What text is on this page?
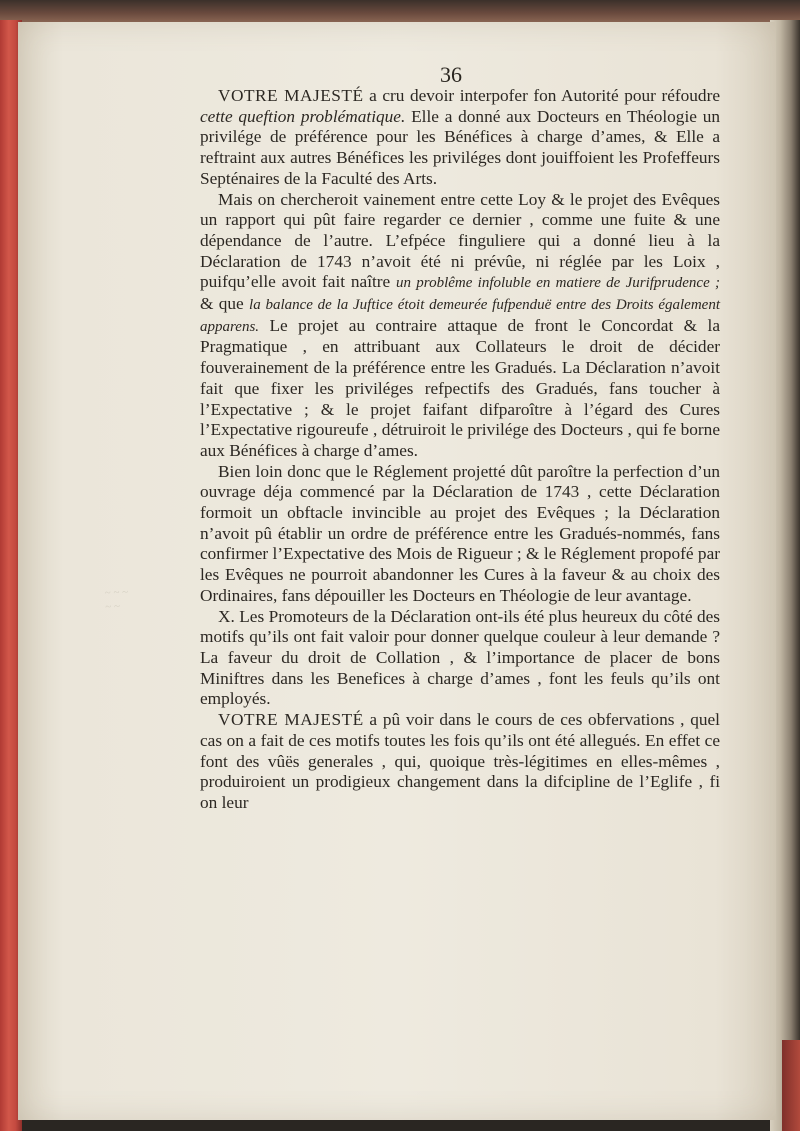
36
~ ~ ~
~ ~

VOTRE MAJESTÉ a cru devoir interpofer fon Autorité pour réfoudre cette queftion problématique. Elle a donné aux Docteurs en Théologie un privilége de préférence pour les Bénéfices à charge d’ames, & Elle a reftraint aux autres Bénéfices les priviléges dont jouiffoient les Profeffeurs Septénaires de la Faculté des Arts.

Mais on chercheroit vainement entre cette Loy & le projet des Evêques un rapport qui pût faire regarder ce dernier , comme une fuite & une dépendance de l’autre. L’efpéce finguliere qui a donné lieu à la Déclaration de 1743 n’avoit été ni prévûe, ni réglée par les Loix , puifqu’elle avoit fait naître un problême infoluble en matiere de Jurifprudence ; & que la balance de la Juftice étoit demeurée fufpenduë entre des Droits également apparens. Le projet au contraire attaque de front le Concordat & la Pragmatique , en attribuant aux Collateurs le droit de décider fouverainement de la préférence entre les Gradués. La Déclaration n’avoit fait que fixer les priviléges refpectifs des Gradués, fans toucher à l’Expectative ; & le projet faifant difparoître à l’égard des Cures l’Expectative rigoureufe , détruiroit le privilége des Docteurs , qui fe borne aux Bénéfices à charge d’ames.

Bien loin donc que le Réglement projetté dût paroître la perfection d’un ouvrage déja commencé par la Déclaration de 1743 , cette Déclaration formoit un obftacle invincible au projet des Evêques ; la Déclaration n’avoit pû établir un ordre de préférence entre les Gradués-nommés, fans confirmer l’Expectative des Mois de Rigueur ; & le Réglement propofé par les Evêques ne pourroit abandonner les Cures à la faveur & au choix des Ordinaires, fans dépouiller les Docteurs en Théologie de leur avantage.

X. Les Promoteurs de la Déclaration ont-ils été plus heureux du côté des motifs qu’ils ont fait valoir pour donner quelque couleur à leur demande ? La faveur du droit de Collation , & l’importance de placer de bons Miniftres dans les Benefices à charge d’ames , font les feuls qu’ils ont employés.

VOTRE MAJESTÉ a pû voir dans le cours de ces obfervations , quel cas on a fait de ces motifs toutes les fois qu’ils ont été allegués. En effet ce font des vûës generales , qui, quoique très-légitimes en elles-mêmes , produiroient un prodigieux changement dans la difcipline de l’Eglife , fi on leur
